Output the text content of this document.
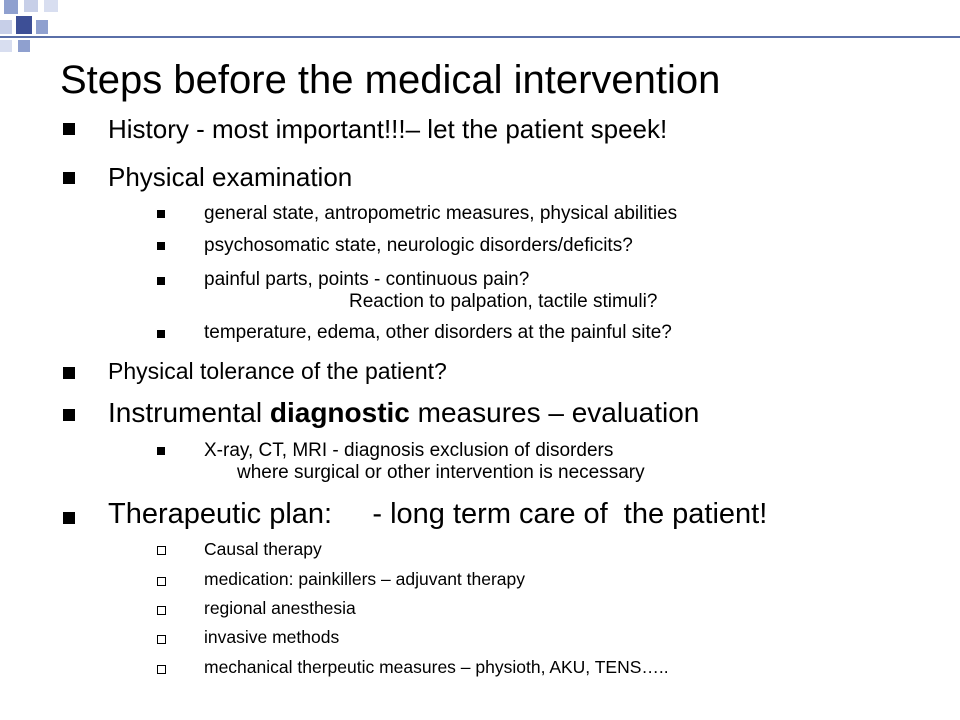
Steps before the medical intervention
History - most important!!!– let the patient speek!
Physical examination
general state, antropometric measures, physical abilities
psychosomatic state, neurologic disorders/deficits?
painful parts, points - continuous pain?
Reaction to palpation, tactile stimuli?
temperature, edema, other disorders at the painful site?
Physical tolerance of the patient?
Instrumental diagnostic measures – evaluation
X-ray, CT, MRI - diagnosis exclusion of disorders
where surgical or other intervention is necessary
Therapeutic plan:     - long term care of  the patient!
Causal therapy
medication: painkillers – adjuvant therapy
regional anesthesia
invasive methods
mechanical therpeutic measures – physioth, AKU, TENS…..
